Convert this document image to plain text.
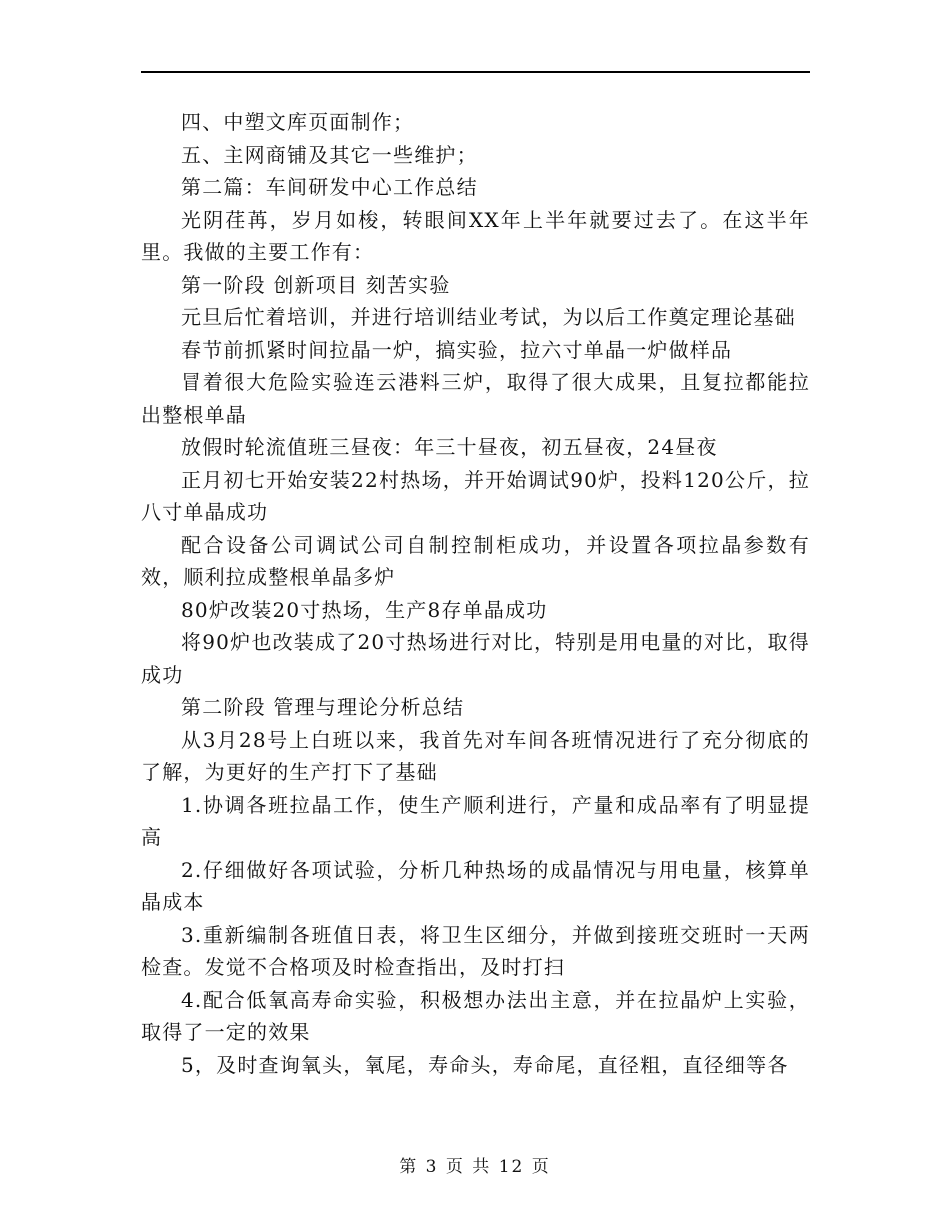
四、中塑文库页面制作；

五、主网商铺及其它一些维护；

第二篇：车间研发中心工作总结

光阴荏苒，岁月如梭，转眼间XX年上半年就要过去了。在这半年里。我做的主要工作有：

第一阶段 创新项目 刻苦实验

元旦后忙着培训，并进行培训结业考试，为以后工作奠定理论基础

春节前抓紧时间拉晶一炉，搞实验，拉六寸单晶一炉做样品

冒着很大危险实验连云港料三炉，取得了很大成果，且复拉都能拉出整根单晶

放假时轮流值班三昼夜：年三十昼夜，初五昼夜，24昼夜

正月初七开始安装22村热场，并开始调试90炉，投料120公斤，拉八寸单晶成功

配合设备公司调试公司自制控制柜成功，并设置各项拉晶参数有效，顺利拉成整根单晶多炉

80炉改装20寸热场，生产8存单晶成功

将90炉也改装成了20寸热场进行对比，特别是用电量的对比，取得成功

第二阶段 管理与理论分析总结

从3月28号上白班以来，我首先对车间各班情况进行了充分彻底的了解，为更好的生产打下了基础

1.协调各班拉晶工作，使生产顺利进行，产量和成品率有了明显提高

2.仔细做好各项试验，分析几种热场的成晶情况与用电量，核算单晶成本

3.重新编制各班值日表，将卫生区细分，并做到接班交班时一天两检查。发觉不合格项及时检查指出，及时打扫

4.配合低氧高寿命实验，积极想办法出主意，并在拉晶炉上实验，取得了一定的效果

5，及时查询氧头，氧尾，寿命头，寿命尾，直径粗，直径细等各

第 3 页 共 12 页
